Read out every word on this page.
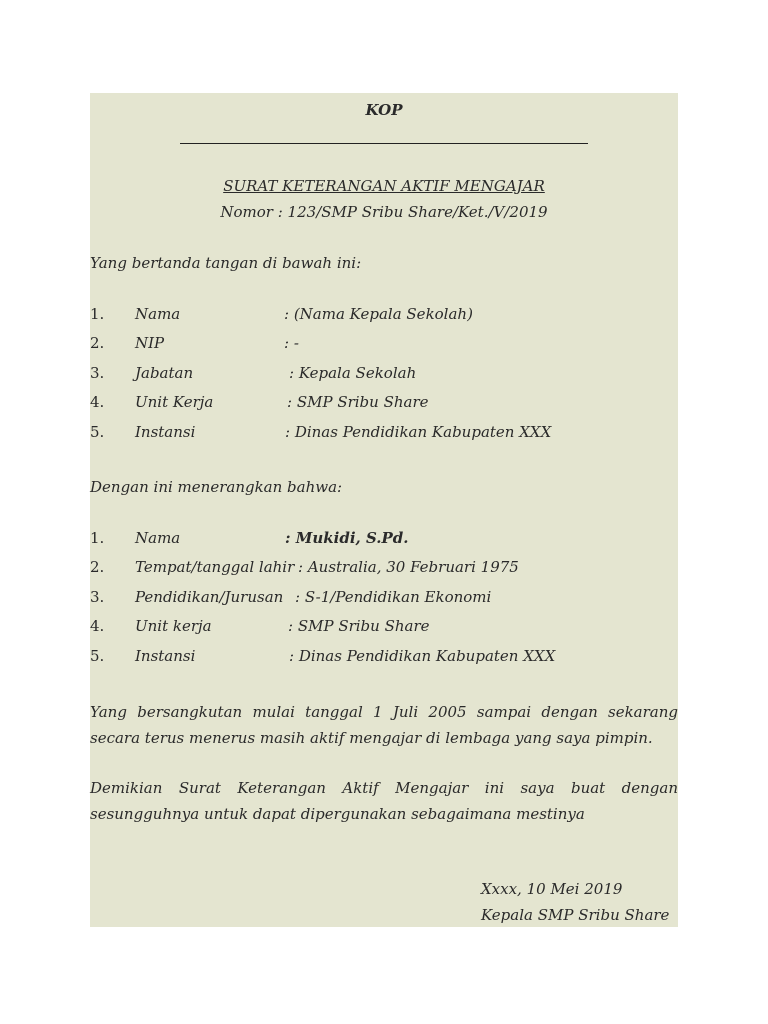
KOP
SURAT KETERANGAN AKTIF MENGAJAR
Nomor : 123/SMP Sribu Share/Ket./V/2019
Yang bertanda tangan di bawah ini:
1. Nama	: (Nama Kepala Sekolah)
2. NIP	: -
3. Jabatan	: Kepala Sekolah
4. Unit Kerja	: SMP Sribu Share
5. Instansi	: Dinas Pendidikan Kabupaten XXX
Dengan ini menerangkan bahwa:
1. Nama	: Mukidi, S.Pd.
2. Tempat/tanggal lahir : Australia, 30 Februari 1975
3. Pendidikan/Jurusan : S-1/Pendidikan Ekonomi
4. Unit kerja	: SMP Sribu Share
5. Instansi	: Dinas Pendidikan Kabupaten XXX
Yang bersangkutan mulai tanggal 1 Juli 2005 sampai dengan sekarang secara terus menerus masih aktif mengajar di lembaga yang saya pimpin.
Demikian Surat Keterangan Aktif Mengajar ini saya buat dengan sesungguhnya untuk dapat dipergunakan sebagaimana mestinya
Xxxx, 10 Mei 2019
Kepala SMP Sribu Share
